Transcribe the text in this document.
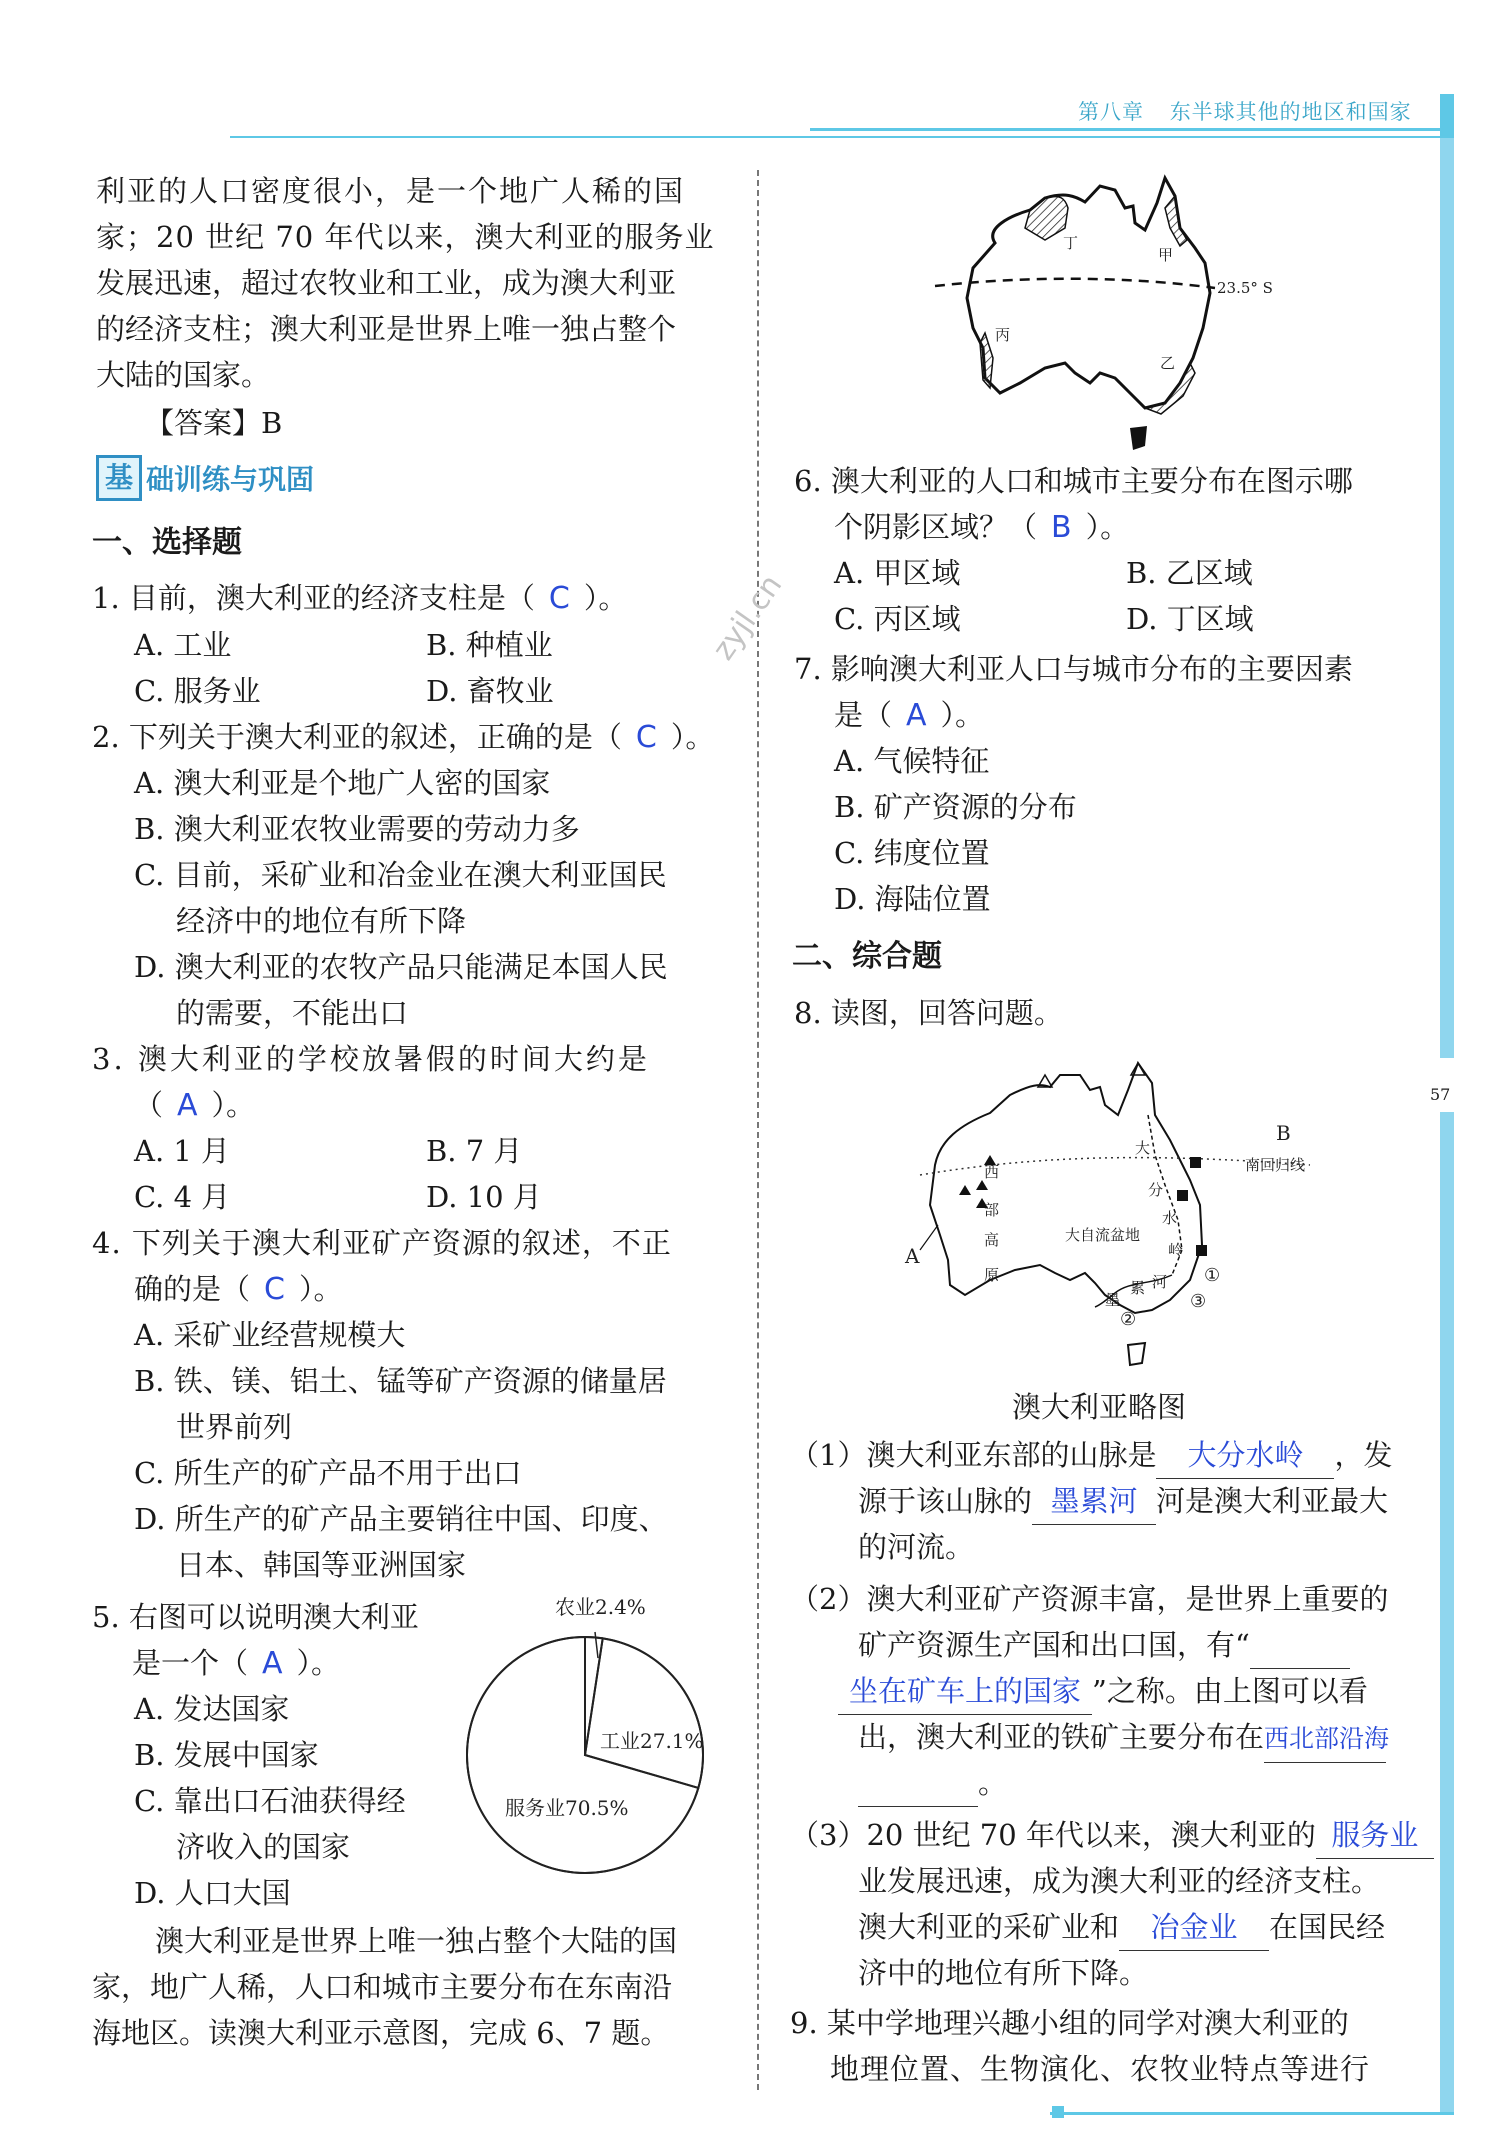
第八章 东半球其他的地区和国家
57
zyjl.cn
利亚的人口密度很小，是一个地广人稀的国
家；20 世纪 70 年代以来，澳大利亚的服务业
发展迅速，超过农牧业和工业，成为澳大利亚
的经济支柱；澳大利亚是世界上唯一独占整个
大陆的国家。
【答案】B
基 础训练与巩固
一、选择题
1. 目前，澳大利亚的经济支柱是（ C ）。
A. 工业	B. 种植业
C. 服务业	D. 畜牧业
2. 下列关于澳大利亚的叙述，正确的是（ C ）。
A. 澳大利亚是个地广人密的国家
B. 澳大利亚农牧业需要的劳动力多
C. 目前，采矿业和冶金业在澳大利亚国民
经济中的地位有所下降
D. 澳大利亚的农牧产品只能满足本国人民
的需要，不能出口
3. 澳大利亚的学校放暑假的时间大约是
（ A ）。
A. 1 月	B. 7 月
C. 4 月	D. 10 月
4. 下列关于澳大利亚矿产资源的叙述，不正
确的是（ C ）。
A. 采矿业经营规模大
B. 铁、镁、铝土、锰等矿产资源的储量居
世界前列
C. 所生产的矿产品不用于出口
D. 所生产的矿产品主要销往中国、印度、
日本、韩国等亚洲国家
5. 右图可以说明澳大利亚
是一个（ A ）。
A. 发达国家
B. 发展中国家
C. 靠出口石油获得经
济收入的国家
D. 人口大国
农业2.4%
工业27.1%
服务业70.5%
澳大利亚是世界上唯一独占整个大陆的国
家，地广人稀，人口和城市主要分布在东南沿
海地区。读澳大利亚示意图，完成 6、7 题。
23.5° S
丁
甲
丙
乙
6. 澳大利亚的人口和城市主要分布在图示哪
个阴影区域？（ B ）。
A. 甲区域	B. 乙区域
C. 丙区域	D. 丁区域
7. 影响澳大利亚人口与城市分布的主要因素
是（ A ）。
A. 气候特征
B. 矿产资源的分布
C. 纬度位置
D. 海陆位置
二、综合题
8. 读图，回答问题。
南回归线
B
A
西
部
高
原
大
分
水
岭
大自流盆地
墨
累 河 ①
②
③
澳大利亚略图
（1）澳大利亚东部的山脉是 大分水岭 ，发
源于该山脉的 墨累河 河是澳大利亚最大
的河流。
（2）澳大利亚矿产资源丰富，是世界上重要的
矿产资源生产国和出口国，有“
坐在矿车上的国家 ”之称。由上图可以看
出，澳大利亚的铁矿主要分布在西北部沿海
。
（3）20 世纪 70 年代以来，澳大利亚的 服务业
业发展迅速，成为澳大利亚的经济支柱。
澳大利亚的采矿业和 冶金业 在国民经
济中的地位有所下降。
9. 某中学地理兴趣小组的同学对澳大利亚的
地理位置、生物演化、农牧业特点等进行
